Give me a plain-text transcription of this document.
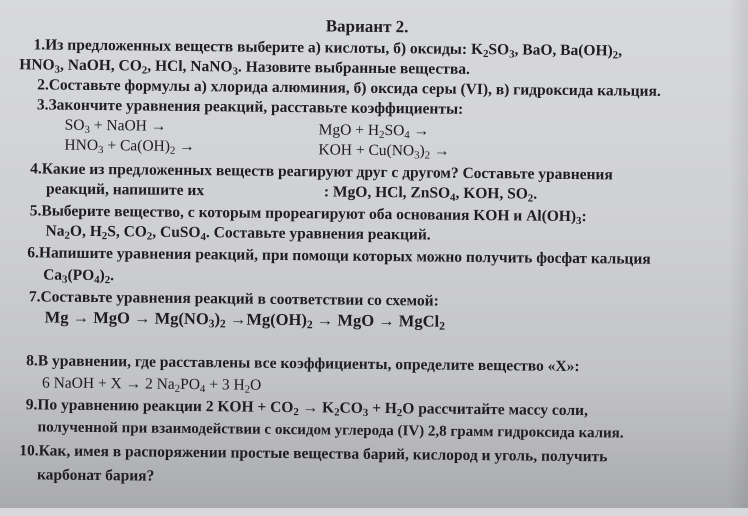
Вариант 2.
1.Из предложенных веществ выберите а) кислоты, б) оксиды: $K_2SO_3$, BaO, $Ba(OH)_2$,
$HNO_3$, NaOH, $CO_2$, HCl, NaNO$_3$. Назовите выбранные вещества.
2.Составьте формулы а) хлорида алюминия, б) оксида серы (VI), в) гидроксида кальция.
3.Закончите уравнения реакций, расставьте коэффициенты:
$SO_3$ + NaOH →	MgO + $H_2SO_4$ →
$HNO_3 + Ca(OH)_2$ →	KOH + $Cu(NO_3)_2$ →
4.Какие из предложенных веществ реагируют друг с другом? Составьте уравнения
реакций, напишите их	: MgO, HCl, ZnSO$_4$, KOH, $SO_2$.
5.Выберите вещество, с которым прореагируют оба основания KOH и $Al(OH)_3$:
$Na_2O$, $H_2S$, $CO_2$, CuSO$_4$. Составьте уравнения реакций.
6.Напишите уравнения реакций, при помощи которых можно получить фосфат кальция
$Ca_3(PO_4)_2$.
7.Составьте уравнения реакций в соответствии со схемой:
Mg → MgO → $Mg(NO_3)_2 \to Mg(OH)_2$ → MgO → MgCl$_2$
8.В уравнении, где расставлены все коэффициенты, определите вещество «Х»:
6 NaOH + X → 2 $Na_2PO_4 + 3$ $H_2O$
9.По уравнению реакции 2 KOH + $CO_2 \to K_2CO_3 + H_2O$ рассчитайте массу соли,
полученной при взаимодействии с оксидом углерода (IV) 2,8 грамм гидроксида калия.
10.Как, имея в распоряжении простые вещества барий, кислород и уголь, получить
карбонат бария?
